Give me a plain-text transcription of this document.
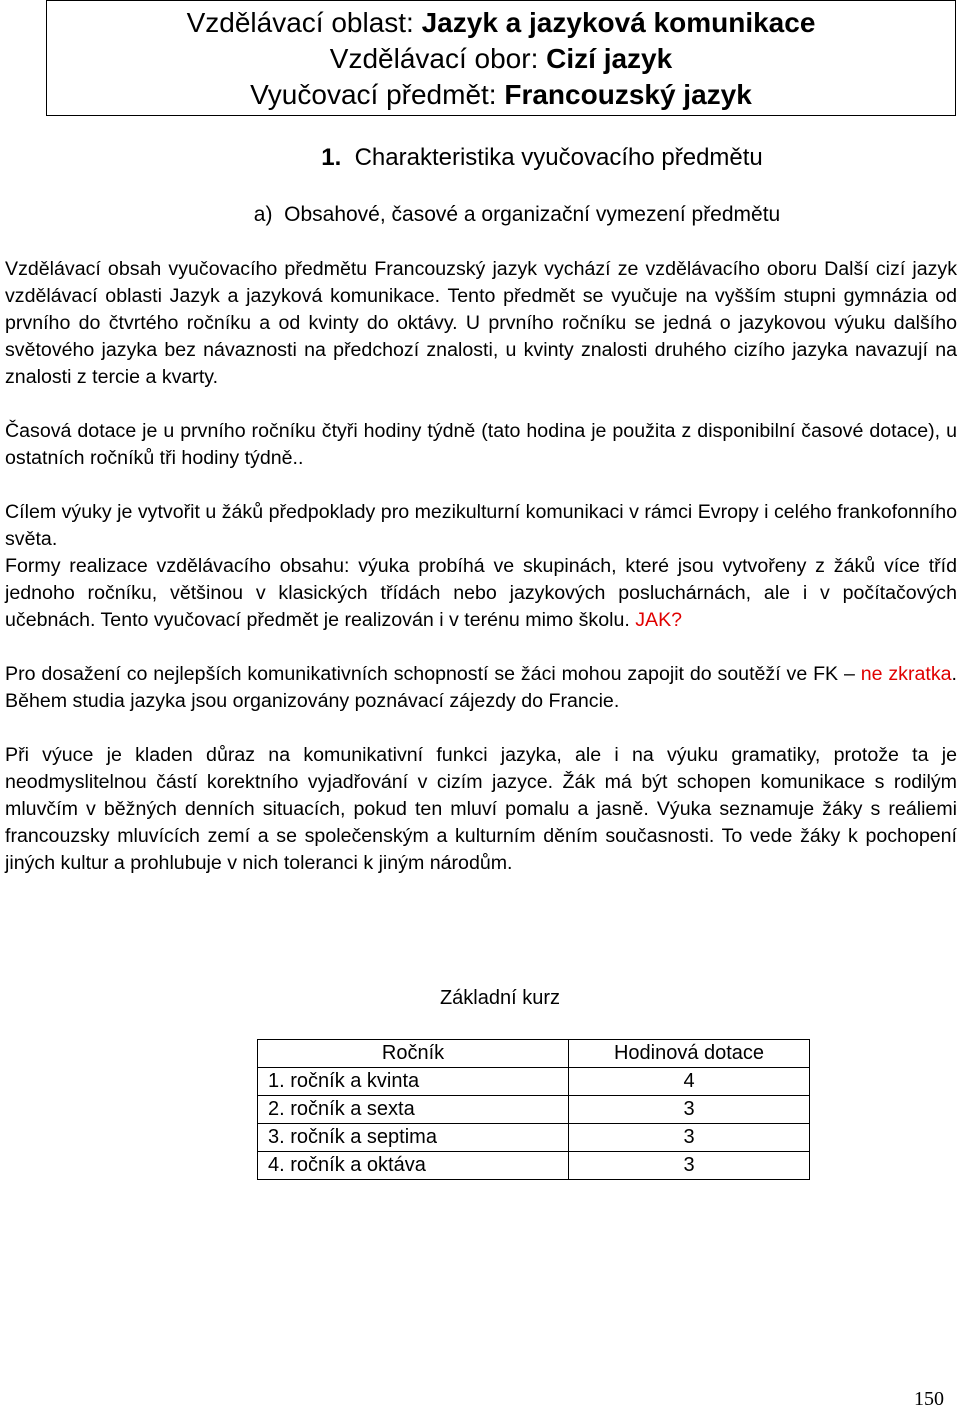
Vzdělávací oblast: Jazyk a jazyková komunikace
Vzdělávací obor: Cizí jazyk
Vyučovací předmět: Francouzský jazyk
1. Charakteristika vyučovacího předmětu
a) Obsahové, časové a organizační vymezení předmětu

Vzdělávací obsah vyučovacího předmětu Francouzský jazyk vychází ze vzdělávacího oboru Další cizí jazyk vzdělávací oblasti Jazyk a jazyková komunikace. Tento předmět se vyučuje na vyšším stupni gymnázia od prvního do čtvrtého ročníku a od kvinty do oktávy. U prvního ročníku se jedná o jazykovou výuku dalšího světového jazyka bez návaznosti na předchozí znalosti, u kvinty znalosti druhého cizího jazyka navazují na znalosti z tercie a kvarty.

Časová dotace je u prvního ročníku čtyři hodiny týdně (tato hodina je použita z disponibilní časové dotace), u ostatních ročníků tři hodiny týdně..

Cílem výuky je vytvořit u žáků předpoklady pro mezikulturní komunikaci v rámci Evropy i celého frankofonního světa.

Formy realizace vzdělávacího obsahu: výuka probíhá ve skupinách, které jsou vytvořeny z žáků více tříd jednoho ročníku, většinou v klasických třídách nebo jazykových posluchárnách, ale i v počítačových učebnách. Tento vyučovací předmět je realizován i v terénu mimo školu. JAK?

Pro dosažení co nejlepších komunikativních schopností se žáci mohou zapojit do soutěží ve FK – ne zkratka. Během studia jazyka jsou organizovány poznávací zájezdy do Francie.

Při výuce je kladen důraz na komunikativní funkci jazyka, ale i na výuku gramatiky, protože ta je neodmyslitelnou částí korektního vyjadřování v cizím jazyce. Žák má být schopen komunikace s rodilým mluvčím v běžných denních situacích, pokud ten mluví pomalu a jasně. Výuka seznamuje žáky s reáliemi francouzsky mluvících zemí a se společenským a kulturním děním současnosti. To vede žáky k pochopení jiných kultur a prohlubuje v nich toleranci k jiným národům.

Základní kurz
Ročník	Hodinová dotace
1. ročník a kvinta	4
2. ročník a sexta	3
3. ročník a septima	3
4. ročník a oktáva	3
150
